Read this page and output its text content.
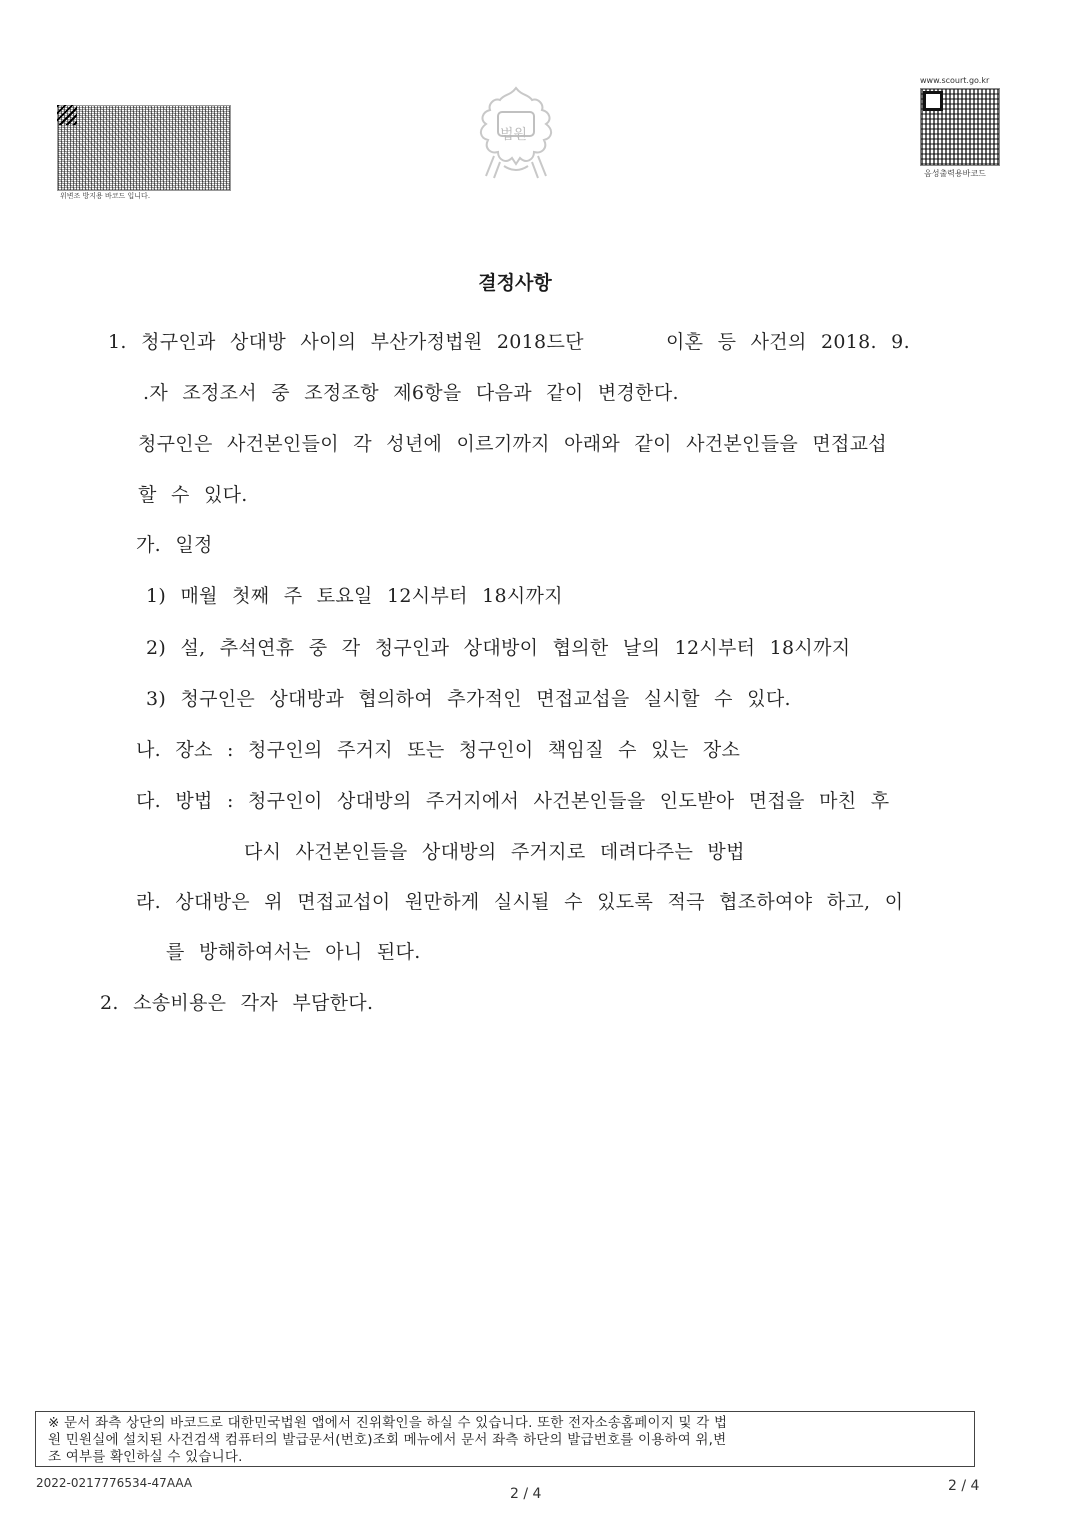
위변조 방지용 바코드 입니다.
법원
www.scourt.go.kr
음성출력용바코드
결정사항
1. 청구인과 상대방 사이의 부산가정법원 2018드단	이혼 등 사건의 2018. 9.
.자 조정조서 중 조정조항 제6항을 다음과 같이 변경한다.
청구인은 사건본인들이 각 성년에 이르기까지 아래와 같이 사건본인들을 면접교섭
할 수 있다.
가. 일정
1) 매월 첫째 주 토요일 12시부터 18시까지
2) 설, 추석연휴 중 각 청구인과 상대방이 협의한 날의 12시부터 18시까지
3) 청구인은 상대방과 협의하여 추가적인 면접교섭을 실시할 수 있다.
나. 장소 : 청구인의 주거지 또는 청구인이 책임질 수 있는 장소
다. 방법 : 청구인이 상대방의 주거지에서 사건본인들을 인도받아 면접을 마친 후
다시 사건본인들을 상대방의 주거지로 데려다주는 방법
라. 상대방은 위 면접교섭이 원만하게 실시될 수 있도록 적극 협조하여야 하고, 이
를 방해하여서는 아니 된다.
2. 소송비용은 각자 부담한다.
※ 문서 좌측 상단의 바코드로 대한민국법원 앱에서 진위확인을 하실 수 있습니다. 또한 전자소송홈페이지 및 각 법
원 민원실에 설치된 사건검색 컴퓨터의 발급문서(번호)조회 메뉴에서 문서 좌측 하단의 발급번호를 이용하여 위,변
조 여부를 확인하실 수 있습니다.
2022-0217776534-47AAA
2 / 4	2 / 4
